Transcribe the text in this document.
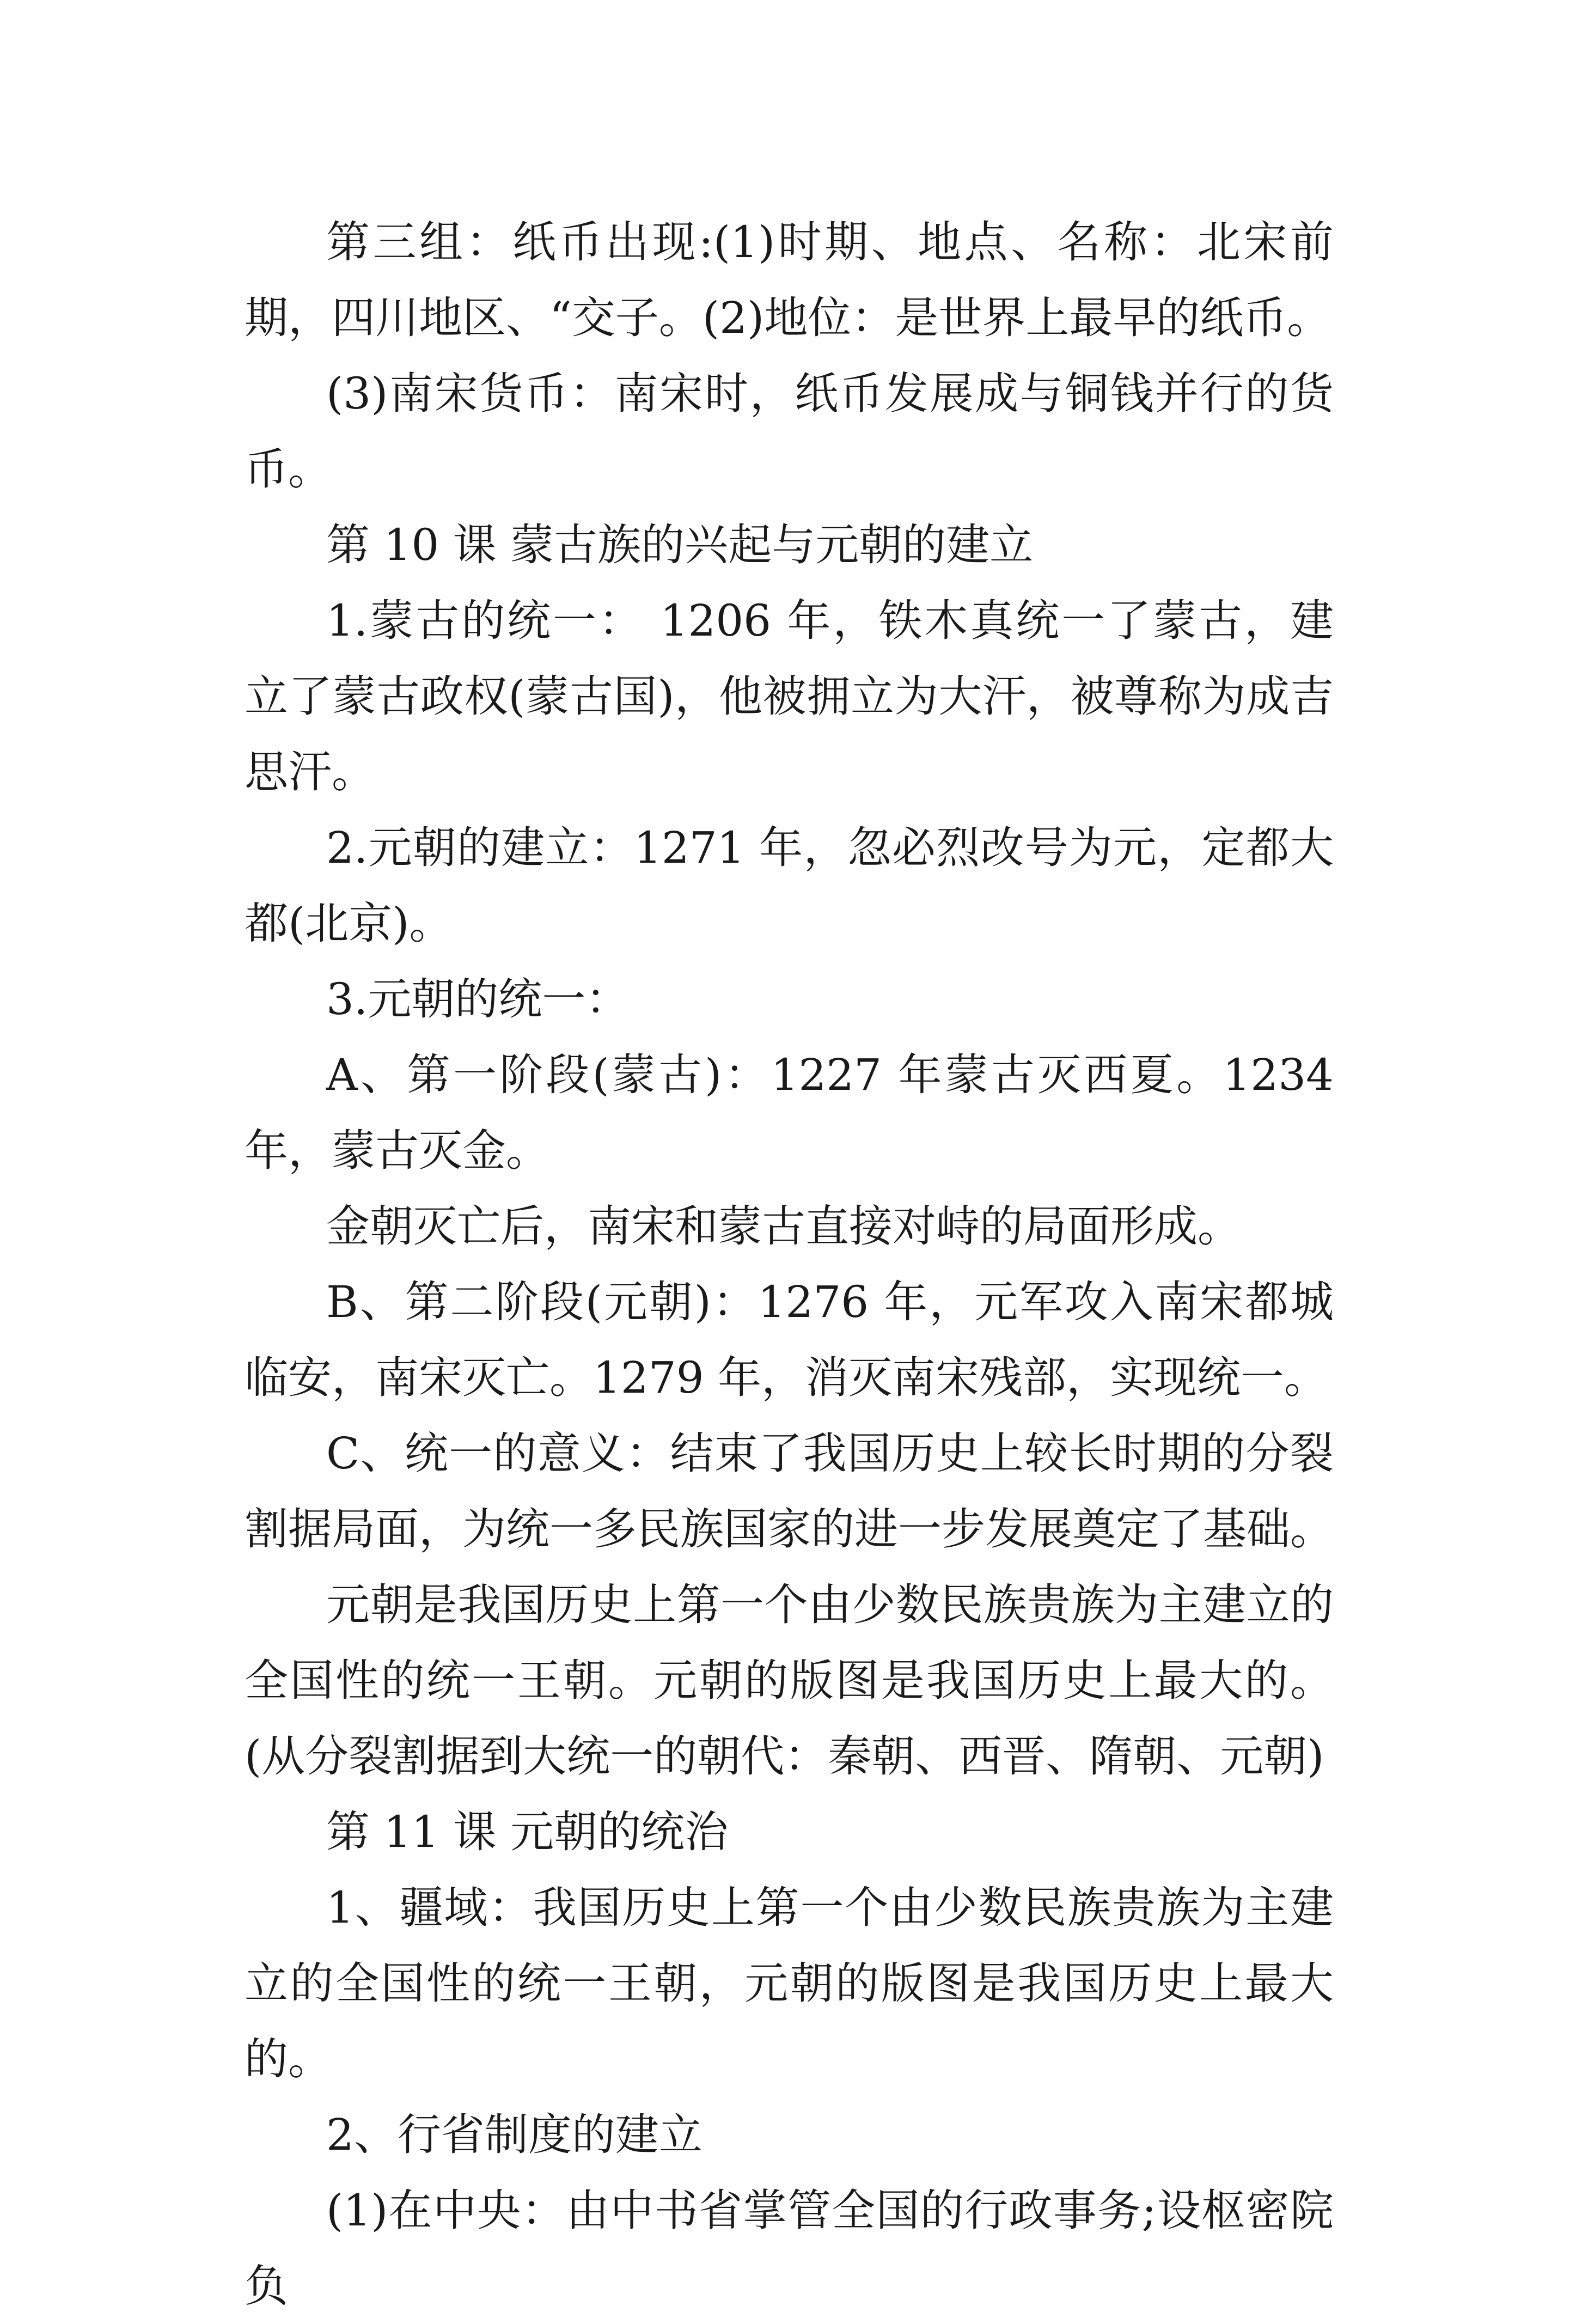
第三组：纸币出现:(1)时期、地点、名称：北宋前期，四川地区、“交子。(2)地位：是世界上最早的纸币。

(3)南宋货币：南宋时，纸币发展成与铜钱并行的货币。

第 10 课 蒙古族的兴起与元朝的建立

1.蒙古的统一： 1206 年，铁木真统一了蒙古，建立了蒙古政权(蒙古国)，他被拥立为大汗，被尊称为成吉思汗。

2.元朝的建立：1271 年，忽必烈改号为元，定都大都(北京)。

3.元朝的统一：

A、第一阶段(蒙古)：1227 年蒙古灭西夏。1234 年，蒙古灭金。

金朝灭亡后，南宋和蒙古直接对峙的局面形成。

B、第二阶段(元朝)：1276 年，元军攻入南宋都城临安，南宋灭亡。1279 年，消灭南宋残部，实现统一。

C、统一的意义：结束了我国历史上较长时期的分裂割据局面，为统一多民族国家的进一步发展奠定了基础。

元朝是我国历史上第一个由少数民族贵族为主建立的全国性的统一王朝。元朝的版图是我国历史上最大的。(从分裂割据到大统一的朝代：秦朝、西晋、隋朝、元朝)

第 11 课 元朝的统治

1、疆域：我国历史上第一个由少数民族贵族为主建立的全国性的统一王朝，元朝的版图是我国历史上最大的。

2、行省制度的建立

(1)在中央：由中书省掌管全国的行政事务;设枢密院负
